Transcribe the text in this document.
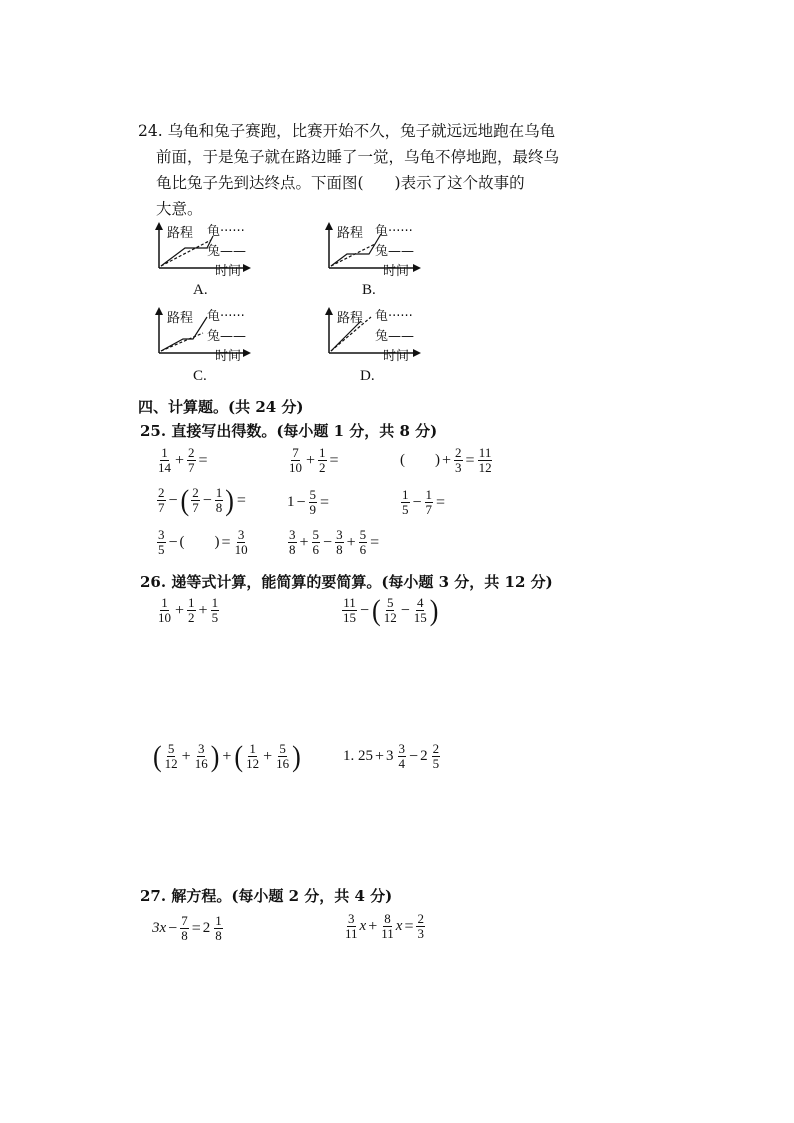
24. 乌龟和兔子赛跑，比赛开始不久，兔子就远远地跑在乌龟
前面，于是兔子就在路边睡了一觉，乌龟不停地跑，最终乌
龟比兔子先到达终点。下面图(　　)表示了这个故事的
大意。
路程 龟······
兔——
时间
A.
路程 龟······
兔——
时间
B.
路程 龟······
兔——
时间
C.
路程 龟······
兔——
时间
D.
四、计算题。(共 24 分)
25. 直接写出得数。(每小题 1 分，共 8 分)
$\frac{1}{14} + \frac{2}{7}$ =	$\frac{7}{10} + \frac{1}{2}$ =	( ) + $\frac{2}{3} = \frac{11}{12}$
$\frac{2}{7}$ − ( $\frac{2}{7} - \frac{1}{8}$ ) =	$1 - \frac{5}{9}$ =	$\frac{1}{5} - \frac{1}{7}$ =
$\frac{3}{5}$ − ( ) = $\frac{3}{10}$	$\frac{3}{8} + \frac{5}{6} - \frac{3}{8} + \frac{5}{6}$ =
26. 递等式计算，能简算的要简算。(每小题 3 分，共 12 分)
$\frac{1}{10} + \frac{1}{2} + \frac{1}{5}$	$\frac{11}{15}$ − ( $\frac{5}{12} - \frac{4}{15}$ )
( $\frac{5}{12} + \frac{3}{16}$ ) + ( $\frac{1}{12} + \frac{5}{16}$ )	1. $25 + 3 \frac{3}{4} - 2 \frac{2}{5}$
27. 解方程。(每小题 2 分，共 4 分)
$3x - \frac{7}{8} = 2 \frac{1}{8}$	$\frac{3}{11}$ $x + \frac{8}{11}$ $x = \frac{2}{3}$
